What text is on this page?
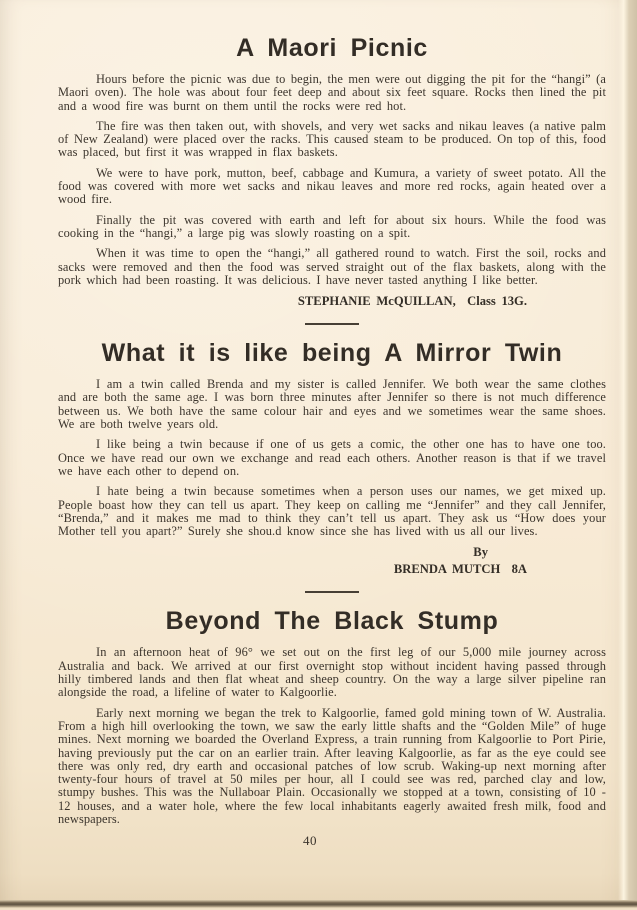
A Maori Picnic

Hours before the picnic was due to begin, the men were out digging the pit for the “hangi” (a Maori oven). The hole was about four feet deep and about six feet square. Rocks then lined the pit and a wood fire was burnt on them until the rocks were red hot.

The fire was then taken out, with shovels, and very wet sacks and nikau leaves (a native palm of New Zealand) were placed over the racks. This caused steam to be produced. On top of this, food was placed, but first it was wrapped in flax baskets.

We were to have pork, mutton, beef, cabbage and Kumura, a variety of sweet potato. All the food was covered with more wet sacks and nikau leaves and more red rocks, again heated over a wood fire.

Finally the pit was covered with earth and left for about six hours. While the food was cooking in the “hangi,” a large pig was slowly roasting on a spit.

When it was time to open the “hangi,” all gathered round to watch. First the soil, rocks and sacks were removed and then the food was served straight out of the flax baskets, along with the pork which had been roasting. It was delicious. I have never tasted anything I like better.

STEPHANIE McQUILLAN,  Class 13G.
What it is like being A Mirror Twin

I am a twin called Brenda and my sister is called Jennifer. We both wear the same clothes and are both the same age. I was born three minutes after Jennifer so there is not much difference between us. We both have the same colour hair and eyes and we sometimes wear the same shoes. We are both twelve years old.

I like being a twin because if one of us gets a comic, the other one has to have one too. Once we have read our own we exchange and read each others. Another reason is that if we travel we have each other to depend on.

I hate being a twin because sometimes when a person uses our names, we get mixed up. People boast how they can tell us apart. They keep on calling me “Jennifer” and they call Jennifer, “Brenda,” and it makes me mad to think they can’t tell us apart. They ask us “How does your Mother tell you apart?” Surely she shou.d know since she has lived with us all our lives.

By
BRENDA MUTCH  8A
Beyond The Black Stump

In an afternoon heat of 96° we set out on the first leg of our 5,000 mile journey across Australia and back. We arrived at our first overnight stop without incident having passed through hilly timbered lands and then flat wheat and sheep country. On the way a large silver pipeline ran alongside the road, a lifeline of water to Kalgoorlie.

Early next morning we began the trek to Kalgoorlie, famed gold mining town of W. Australia. From a high hill overlooking the town, we saw the early little shafts and the “Golden Mile” of huge mines. Next morning we boarded the Overland Express, a train running from Kalgoorlie to Port Pirie, having previously put the car on an earlier train. After leaving Kalgoorlie, as far as the eye could see there was only red, dry earth and occasional patches of low scrub. Waking-up next morning after twenty-four hours of travel at 50 miles per hour, all I could see was red, parched clay and low, stumpy bushes. This was the Nullaboar Plain. Occasionally we stopped at a town, consisting of 10 - 12 houses, and a water hole, where the few local inhabitants eagerly awaited fresh milk, food and newspapers.

40
